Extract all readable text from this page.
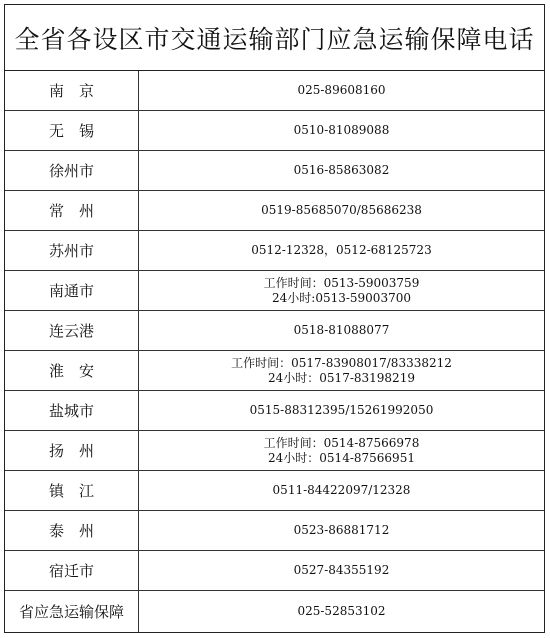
全省各设区市交通运输部门应急运输保障电话
南　京	025-89608160
无　锡	0510-81089088
徐州市	0516-85863082
常　州	0519-85685070/85686238
苏州市	0512-12328，0512-68125723
南通市	工作时间：0513-59003759
24小时:0513-59003700
连云港	0518-81088077
淮　安	工作时间：0517-83908017/83338212
24小时：0517-83198219
盐城市	0515-88312395/15261992050
扬　州	工作时间：0514-87566978
24小时：0514-87566951
镇　江	0511-84422097/12328
泰　州	0523-86881712
宿迁市	0527-84355192
省应急运输保障	025-52853102
